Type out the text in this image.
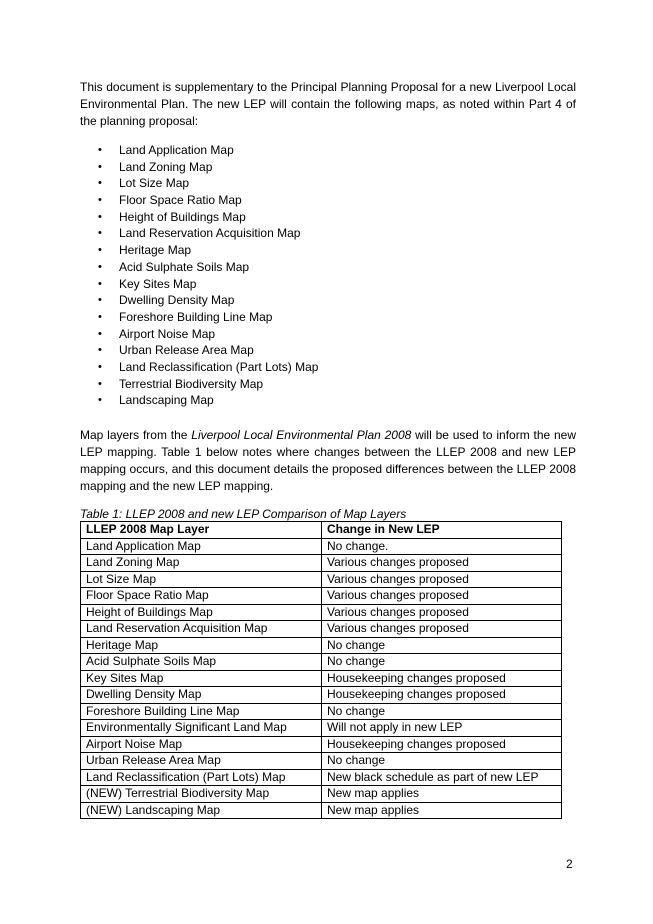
This document is supplementary to the Principal Planning Proposal for a new Liverpool Local Environmental Plan. The new LEP will contain the following maps, as noted within Part 4 of the planning proposal:

•	Land Application Map
•	Land Zoning Map
•	Lot Size Map
•	Floor Space Ratio Map
•	Height of Buildings Map
•	Land Reservation Acquisition Map
•	Heritage Map
•	Acid Sulphate Soils Map
•	Key Sites Map
•	Dwelling Density Map
•	Foreshore Building Line Map
•	Airport Noise Map
•	Urban Release Area Map
•	Land Reclassification (Part Lots) Map
•	Terrestrial Biodiversity Map
•	Landscaping Map

Map layers from the Liverpool Local Environmental Plan 2008 will be used to inform the new LEP mapping. Table 1 below notes where changes between the LLEP 2008 and new LEP mapping occurs, and this document details the proposed differences between the LLEP 2008 mapping and the new LEP mapping.

Table 1: LLEP 2008 and new LEP Comparison of Map Layers

LLEP 2008 Map Layer	Change in New LEP
Land Application Map	No change.
Land Zoning Map	Various changes proposed
Lot Size Map	Various changes proposed
Floor Space Ratio Map	Various changes proposed
Height of Buildings Map	Various changes proposed
Land Reservation Acquisition Map	Various changes proposed
Heritage Map	No change
Acid Sulphate Soils Map	No change
Key Sites Map	Housekeeping changes proposed
Dwelling Density Map	Housekeeping changes proposed
Foreshore Building Line Map	No change
Environmentally Significant Land Map	Will not apply in new LEP
Airport Noise Map	Housekeeping changes proposed
Urban Release Area Map	No change
Land Reclassification (Part Lots) Map	New black schedule as part of new LEP
(NEW) Terrestrial Biodiversity Map	New map applies
(NEW) Landscaping Map	New map applies
2
